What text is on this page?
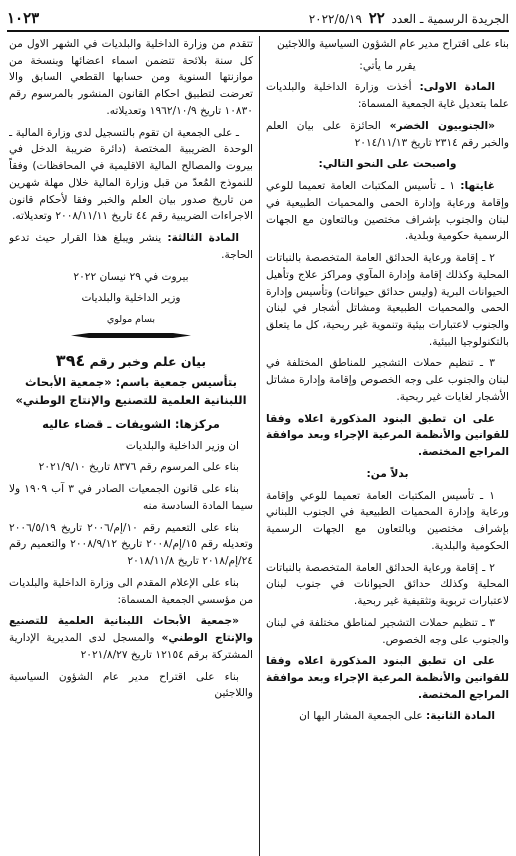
الجريدة الرسمية ـ العدد ٢٢ ٢٠٢٢/٥/١٩
١٠٢٣

بناء على اقتراح مدير عام الشؤون السياسية واللاجئين

يقرر ما يأتي:

المادة الاولى: أخذت وزارة الداخلية والبلديات علما بتعديل غاية الجمعية المسماة:

«الجنوبيون الخضر» الحائزة على بيان العلم والخبر رقم ٢٣١٤ تاريخ ٢٠١٤/١١/١٣

واصبحت على النحو التالي:

غايتها: ١ ـ تأسيس المكتبات العامة تعميما للوعي وإقامة ورعاية وإدارة الحمى والمحميات الطبيعية في لبنان والجنوب بإشراف مختصين وبالتعاون مع الجهات الرسمية حكومية وبلدية.

٢ ـ إقامة ورعاية الحدائق العامة المتخصصة بالنباتات المحلية وكذلك إقامة وإدارة المآوي ومراكز علاج وتأهيل الحيوانات البرية (وليس حدائق حيوانات) وتأسيس وإدارة الحمى والمحميات الطبيعية ومشاتل أشجار في لبنان والجنوب لاعتبارات بيئية وتنموية غير ربحية، كل ما يتعلق بالتكنولوجيا البيئية.

٣ ـ تنظيم حملات التشجير للمناطق المختلفة في لبنان والجنوب على وجه الخصوص وإقامة وإدارة مشاتل الأشجار لغايات غير ربحية.

على ان تطبق البنود المذكورة اعلاه وفقا للقوانين والأنظمة المرعية الإجراء وبعد موافقة المراجع المختصة.

بدلاً من:

١ ـ تأسيس المكتبات العامة تعميما للوعي وإقامة ورعاية وإدارة المحميات الطبيعية في الجنوب اللبناني بإشراف مختصين وبالتعاون مع الجهات الرسمية الحكومية والبلدية.

٢ ـ إقامة ورعاية الحدائق العامة المتخصصة بالنباتات المحلية وكذلك حدائق الحيوانات في جنوب لبنان لاعتبارات تربوية وتثقيفية غير ربحية.

٣ ـ تنظيم حملات التشجير لمناطق مختلفة في لبنان والجنوب على وجه الخصوص.

على ان تطبق البنود المذكورة اعلاه وفقا للقوانين والأنظمة المرعية الإجراء وبعد موافقة المراجع المختصة.

المادة الثانية: على الجمعية المشار اليها ان

تتقدم من وزارة الداخلية والبلديات في الشهر الاول من كل سنة بلائحة تتضمن اسماء اعضائها وبنسخة من موازنتها السنوية ومن حسابها القطعي السابق والا تعرضت لتطبيق احكام القانون المنشور بالمرسوم رقم ١٠٨٣٠ تاريخ ١٩٦٢/١٠/٩ وتعديلاته.

ـ على الجمعية ان تقوم بالتسجيل لدى وزارة المالية ـ الوحدة الضريبية المختصة (دائرة ضريبة الدخل في بيروت والمصالح المالية الاقليمية في المحافظات) وفقاً للنموذج المُعدّ من قبل وزارة المالية خلال مهلة شهرين من تاريخ صدور بيان العلم والخبر وفقا لأحكام قانون الاجراءات الضريبية رقم ٤٤ تاريخ ٢٠٠٨/١١/١١ وتعديلاته.

المادة الثالثة: ينشر ويبلغ هذا القرار حيث تدعو الحاجة.

بيروت في ٢٩ نيسان ٢٠٢٢

وزير الداخلية والبلديات

بسام مولوي

بيان علم وخبر رقم ٣٩٤

بتأسيس جمعية باسم: «جمعية الأبحاث اللبنانية العلمية للتصنيع والإنتاج الوطني»

مركزها: الشويفات ـ قضاء عاليه

ان وزير الداخلية والبلديات

بناء على المرسوم رقم ٨٣٧٦ تاريخ ٢٠٢١/٩/١٠

بناء على قانون الجمعيات الصادر في ٣ آب ١٩٠٩ ولا سيما المادة السادسة منه

بناء على التعميم رقم ١٠/إم/٢٠٠٦ تاريخ ٢٠٠٦/٥/١٩ وتعديله رقم ١٥/إم/٢٠٠٨ تاريخ ٢٠٠٨/٩/١٢ والتعميم رقم ٢٤/إم/٢٠١٨ تاريخ ٢٠١٨/١١/٨

بناء على الإعلام المقدم الى وزارة الداخلية والبلديات من مؤسسي الجمعية المسماة:

«جمعية الأبحاث اللبنانية العلمية للتصنيع والإنتاج الوطني» والمسجل لدى المديرية الإدارية المشتركة برقم ١٢١٥٤ تاريخ ٢٠٢١/٨/٢٧

بناء على اقتراح مدير عام الشؤون السياسية واللاجئين
